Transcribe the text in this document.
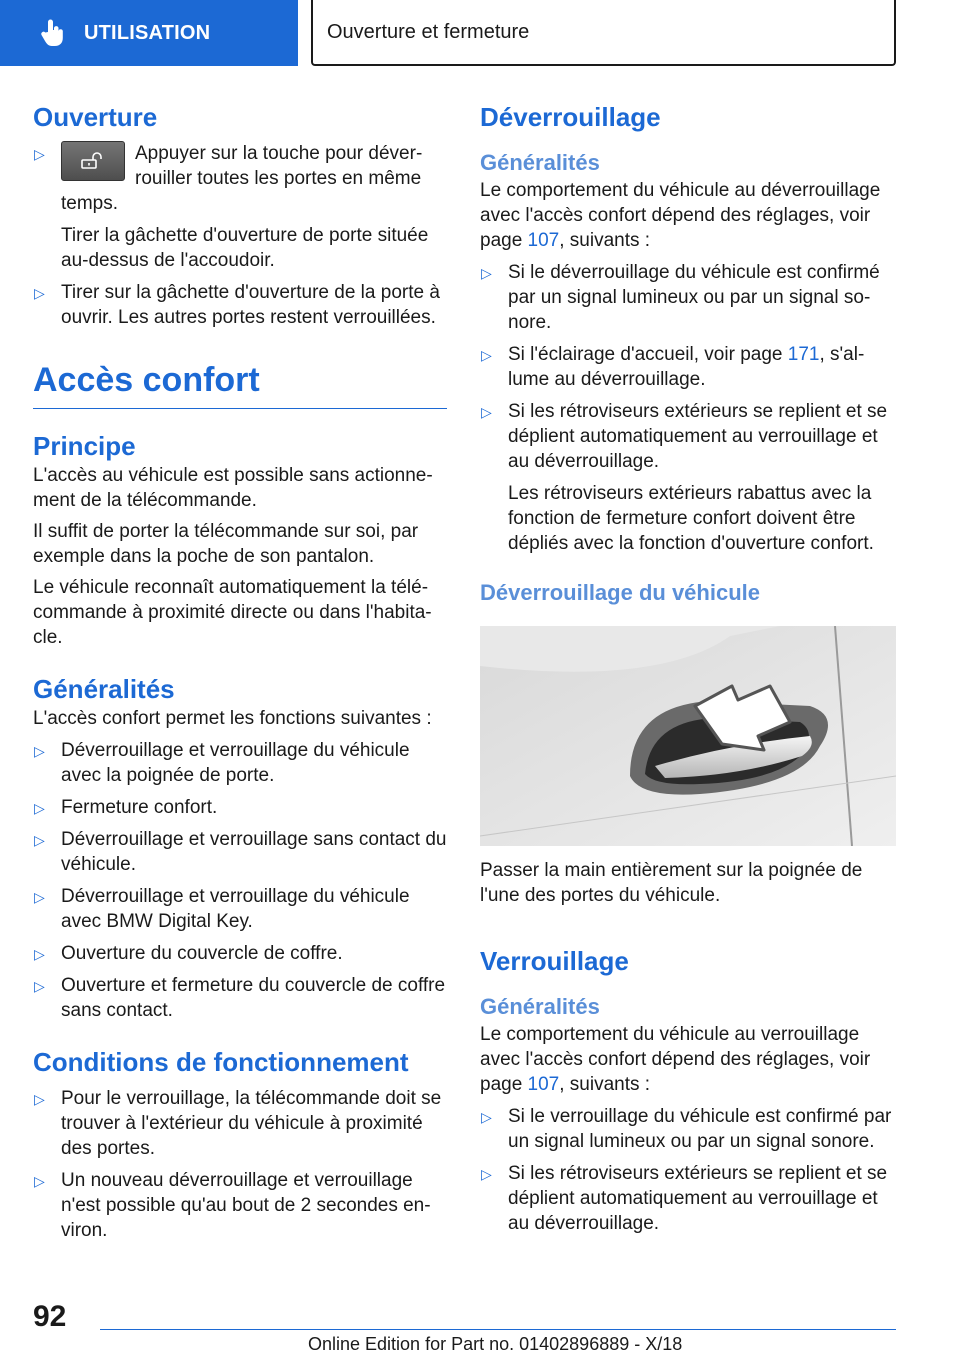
UTILISATION	Ouverture et fermeture
Ouverture
▷	Appuyer sur la touche pour déverrouiller toutes les portes en même temps.
Tirer la gâchette d'ouverture de porte située au-dessus de l'accoudoir.
▷ Tirer sur la gâchette d'ouverture de la porte à ouvrir. Les autres portes restent verrouillées.
Accès confort
Principe
L'accès au véhicule est possible sans actionnement de la télécommande.
Il suffit de porter la télécommande sur soi, par exemple dans la poche de son pantalon.
Le véhicule reconnaît automatiquement la télécommande à proximité directe ou dans l'habitacle.
Généralités
L'accès confort permet les fonctions suivantes :
▷ Déverrouillage et verrouillage du véhicule avec la poignée de porte.
▷ Fermeture confort.
▷ Déverrouillage et verrouillage sans contact du véhicule.
▷ Déverrouillage et verrouillage du véhicule avec BMW Digital Key.
▷ Ouverture du couvercle de coffre.
▷ Ouverture et fermeture du couvercle de coffre sans contact.
Conditions de fonctionnement
▷ Pour le verrouillage, la télécommande doit se trouver à l'extérieur du véhicule à proximité des portes.
▷ Un nouveau déverrouillage et verrouillage n'est possible qu'au bout de 2 secondes environ.
Déverrouillage
Généralités
Le comportement du véhicule au déverrouillage avec l'accès confort dépend des réglages, voir page 107, suivants :
▷ Si le déverrouillage du véhicule est confirmé par un signal lumineux ou par un signal sonore.
▷ Si l'éclairage d'accueil, voir page 171, s'allume au déverrouillage.
▷ Si les rétroviseurs extérieurs se replient et se déplient automatiquement au verrouillage et au déverrouillage.
Les rétroviseurs extérieurs rabattus avec la fonction de fermeture confort doivent être dépliés avec la fonction d'ouverture confort.
Déverrouillage du véhicule
Passer la main entièrement sur la poignée de l'une des portes du véhicule.
Verrouillage
Généralités
Le comportement du véhicule au verrouillage avec l'accès confort dépend des réglages, voir page 107, suivants :
▷ Si le verrouillage du véhicule est confirmé par un signal lumineux ou par un signal sonore.
▷ Si les rétroviseurs extérieurs se replient et se déplient automatiquement au verrouillage et au déverrouillage.
92
Online Edition for Part no. 01402896889 - X/18
